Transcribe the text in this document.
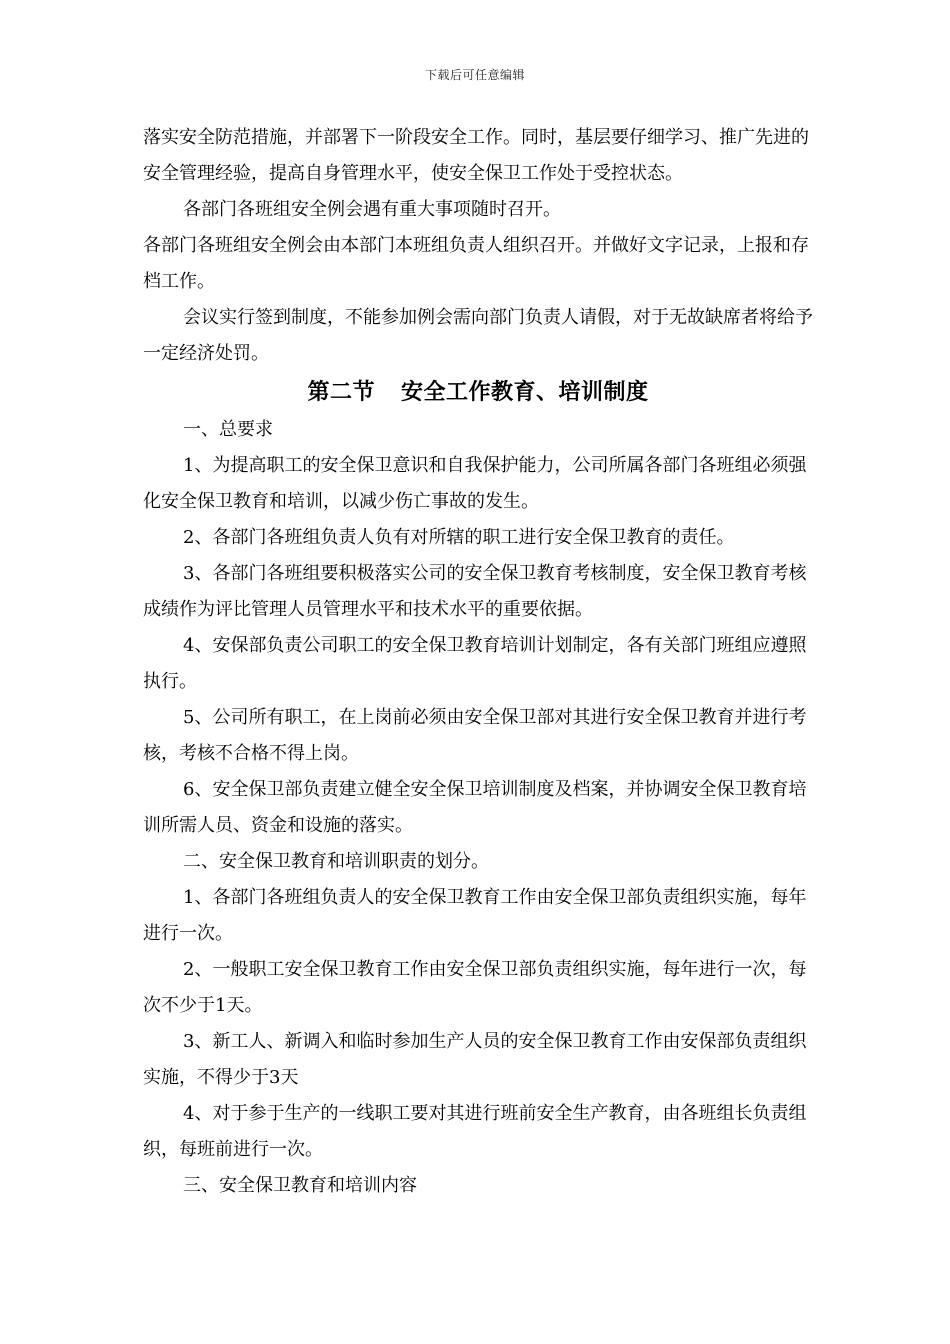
下载后可任意编辑

落实安全防范措施，并部署下一阶段安全工作。同时，基层要仔细学习、推广先进的安全管理经验，提高自身管理水平，使安全保卫工作处于受控状态。

各部门各班组安全例会遇有重大事项随时召开。

各部门各班组安全例会由本部门本班组负责人组织召开。并做好文字记录，上报和存档工作。

会议实行签到制度，不能参加例会需向部门负责人请假，对于无故缺席者将给予一定经济处罚。

第二节 安全工作教育、培训制度

一、总要求

1、为提高职工的安全保卫意识和自我保护能力，公司所属各部门各班组必须强化安全保卫教育和培训，以减少伤亡事故的发生。

2、各部门各班组负责人负有对所辖的职工进行安全保卫教育的责任。

3、各部门各班组要积极落实公司的安全保卫教育考核制度，安全保卫教育考核成绩作为评比管理人员管理水平和技术水平的重要依据。

4、安保部负责公司职工的安全保卫教育培训计划制定，各有关部门班组应遵照执行。

5、公司所有职工，在上岗前必须由安全保卫部对其进行安全保卫教育并进行考核，考核不合格不得上岗。

6、安全保卫部负责建立健全安全保卫培训制度及档案，并协调安全保卫教育培训所需人员、资金和设施的落实。

二、安全保卫教育和培训职责的划分。

1、各部门各班组负责人的安全保卫教育工作由安全保卫部负责组织实施，每年进行一次。

2、一般职工安全保卫教育工作由安全保卫部负责组织实施，每年进行一次，每次不少于1天。

3、新工人、新调入和临时参加生产人员的安全保卫教育工作由安保部负责组织实施，不得少于3天

4、对于参于生产的一线职工要对其进行班前安全生产教育，由各班组长负责组织，每班前进行一次。

三、安全保卫教育和培训内容
